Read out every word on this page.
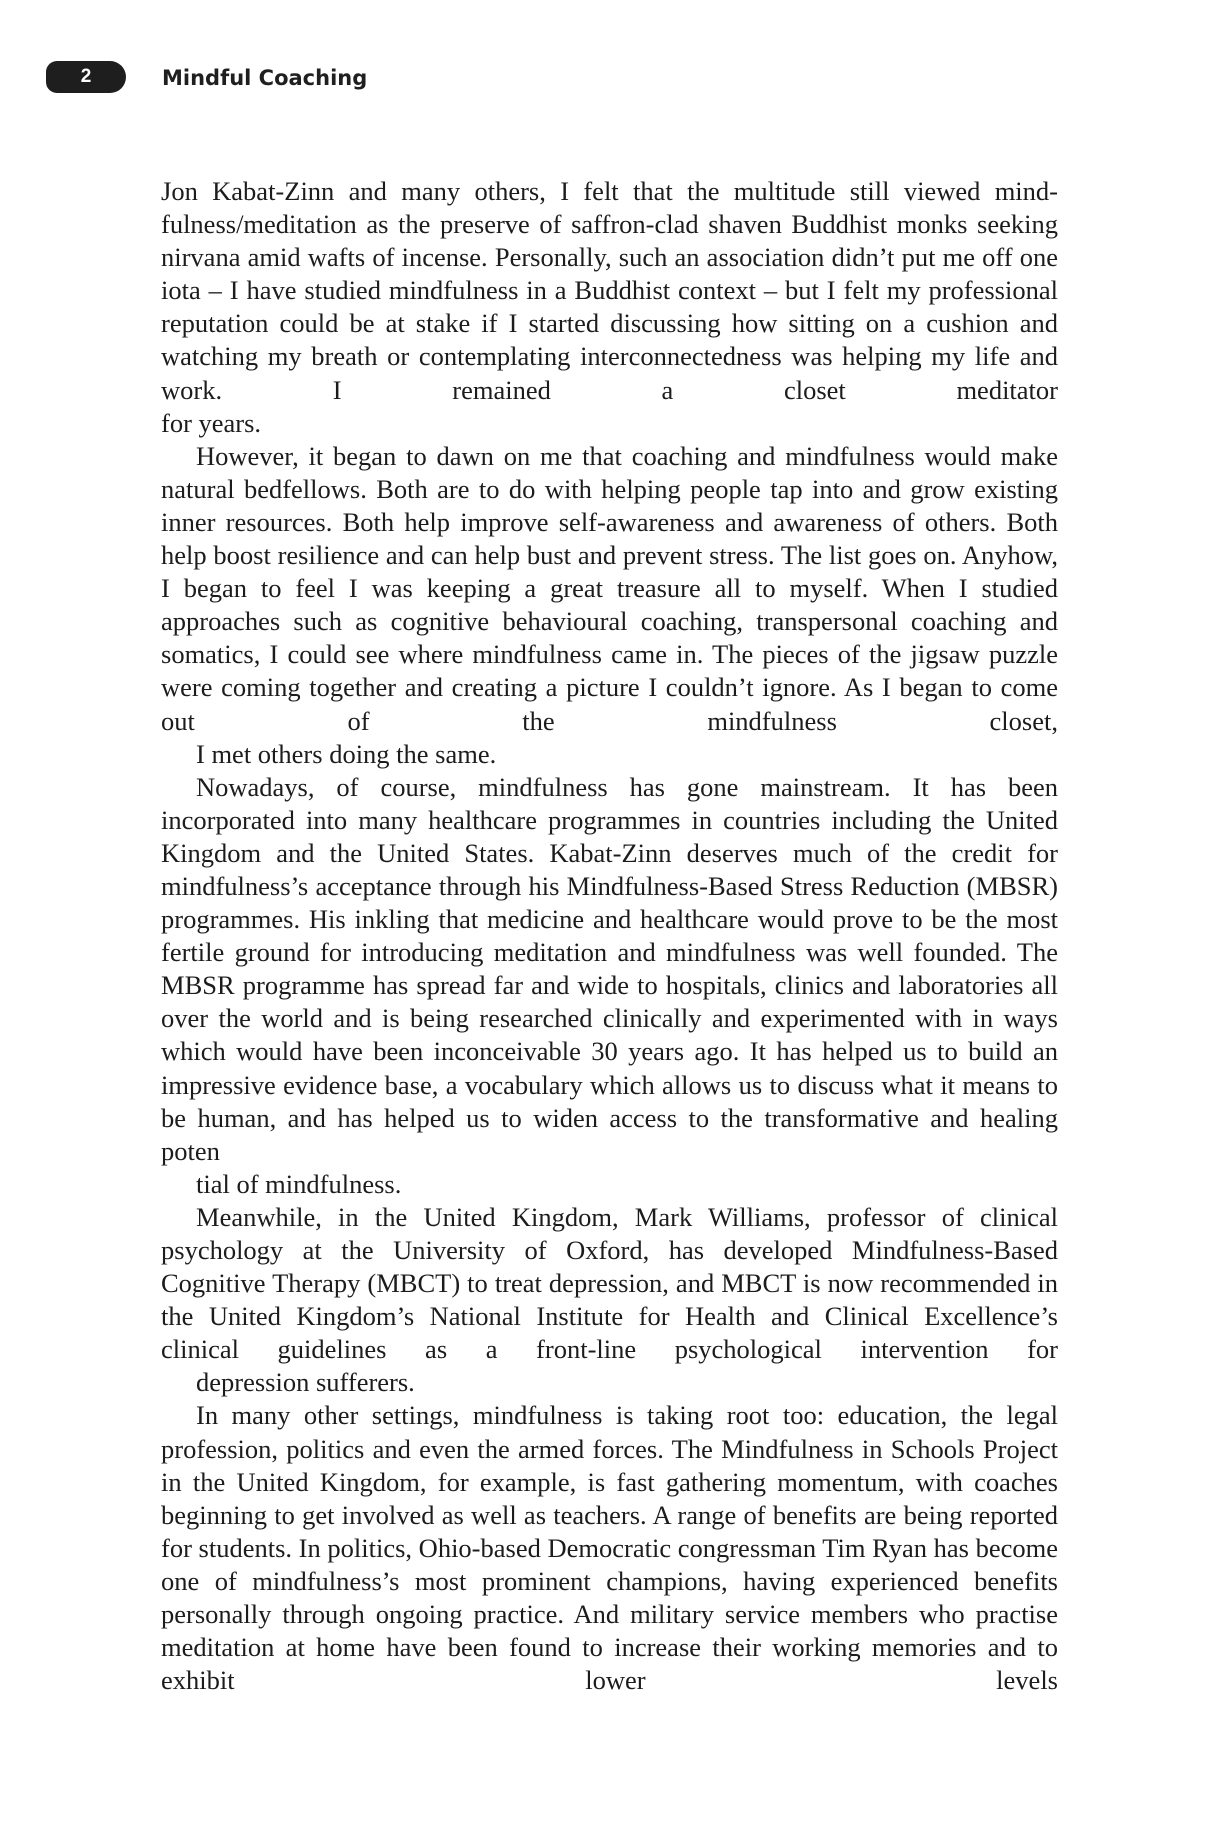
2	Mindful Coaching

Jon Kabat-Zinn and many others, I felt that the multitude still viewed mindfulness/meditation as the preserve of saffron-clad shaven Buddhist monks seeking nirvana amid wafts of incense. Personally, such an association didn’t put me off one iota – I have studied mindfulness in a Buddhist context – but I felt my professional reputation could be at stake if I started discussing how sitting on a cushion and watching my breath or contemplating interconnectedness was helping my life and work. I remained a closet meditator
for years.

However, it began to dawn on me that coaching and mindfulness would make natural bedfellows. Both are to do with helping people tap into and grow existing inner resources. Both help improve self-awareness and awareness of others. Both help boost resilience and can help bust and prevent stress. The list goes on. Anyhow, I began to feel I was keeping a great treasure all to myself. When I studied approaches such as cognitive behavioural coaching, transpersonal coaching and somatics, I could see where mindfulness came in. The pieces of the jigsaw puzzle were coming together and creating a picture I couldn’t ignore. As I began to come out of the mindfulness closet,
I met others doing the same.

Nowadays, of course, mindfulness has gone mainstream. It has been incorporated into many healthcare programmes in countries including the United Kingdom and the United States. Kabat-Zinn deserves much of the credit for mindfulness’s acceptance through his Mindfulness-Based Stress Reduction (MBSR) programmes. His inkling that medicine and healthcare would prove to be the most fertile ground for introducing meditation and mindfulness was well founded. The MBSR programme has spread far and wide to hospitals, clinics and laboratories all over the world and is being researched clinically and experimented with in ways which would have been inconceivable 30 years ago. It has helped us to build an impressive evidence base, a vocabulary which allows us to discuss what it means to be human, and has helped us to widen access to the transformative and healing poten
tial of mindfulness.

Meanwhile, in the United Kingdom, Mark Williams, professor of clinical psychology at the University of Oxford, has developed Mindfulness-Based Cognitive Therapy (MBCT) to treat depression, and MBCT is now recommended in the United Kingdom’s National Institute for Health and Clinical Excellence’s clinical guidelines as a front-line psychological intervention for
depression sufferers.

In many other settings, mindfulness is taking root too: education, the legal profession, politics and even the armed forces. The Mindfulness in Schools Project in the United Kingdom, for example, is fast gathering momentum, with coaches beginning to get involved as well as teachers. A range of benefits are being reported for students. In politics, Ohio-based Democratic congressman Tim Ryan has become one of mindfulness’s most prominent champions, having experienced benefits personally through ongoing practice. And military service members who practise meditation at home have been found to increase their working memories and to exhibit lower levels
